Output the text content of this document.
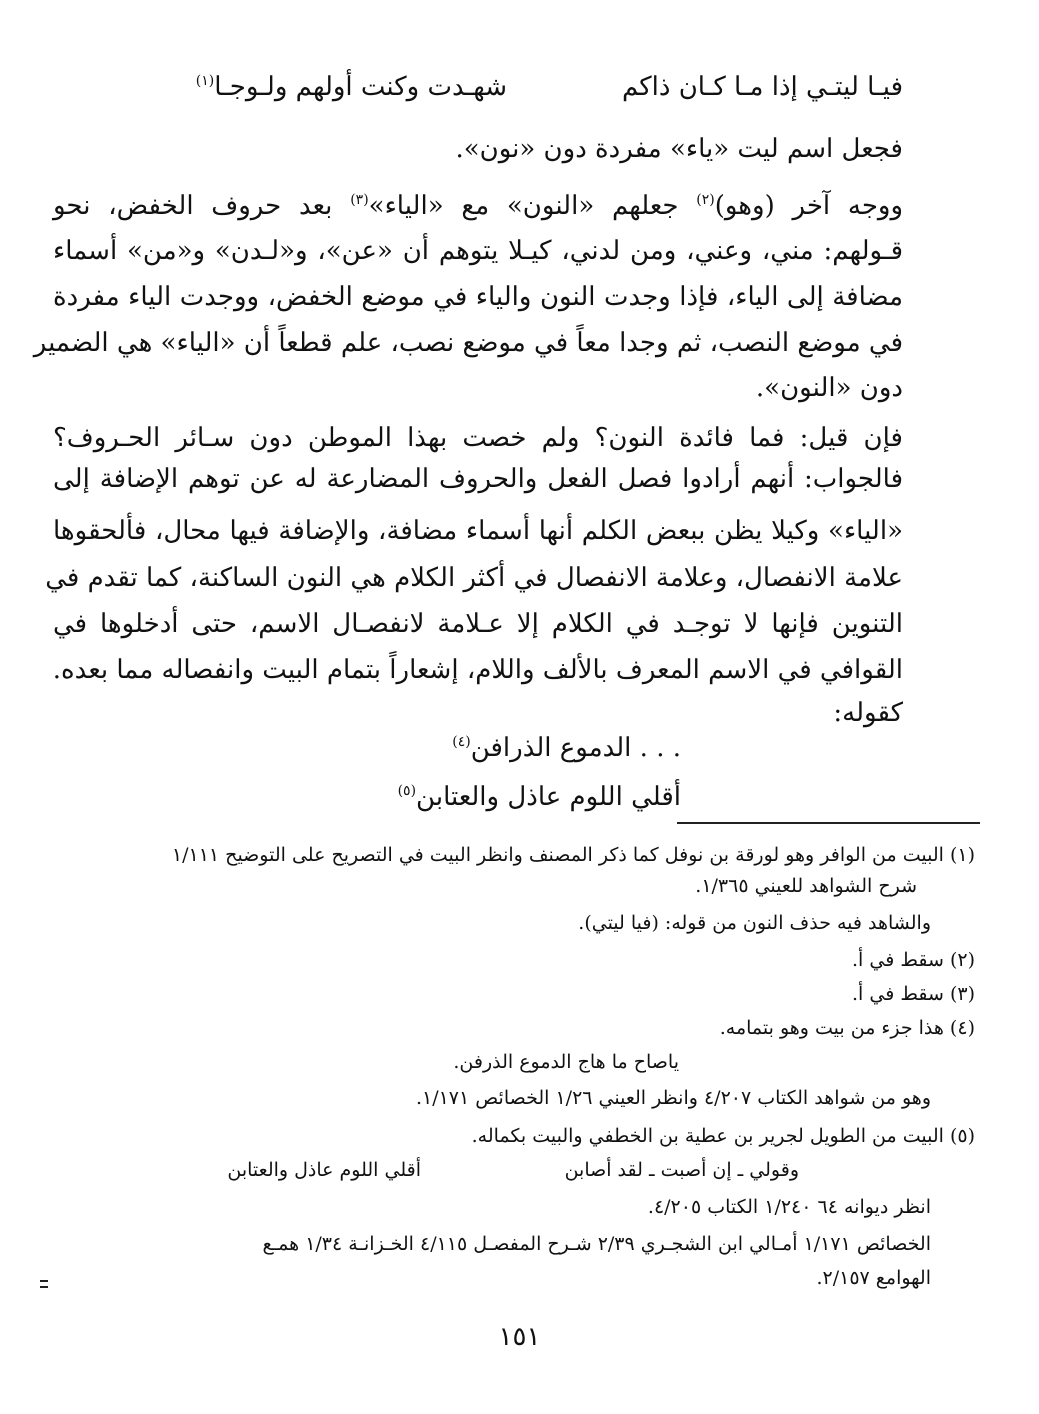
فيـا ليتـي إذا مـا كـان ذاكم
شهـدت وكنت أولهم ولـوجـا$^{(١)}$
فجعل اسم ليت «ياء» مفردة دون «نون».
ووجه آخر (وهو)$^{(٢)}$ جعلهم «النون» مع «الياء»$^{(٣)}$ بعد حروف الخفض، نحو
قـولهم: مني، وعني، ومن لدني، كيـلا يتوهم أن «عن»، و«لـدن» و«من» أسماء
مضافة إلى الياء، فإذا وجدت النون والياء في موضع الخفض، ووجدت الياء مفردة
في موضع النصب، ثم وجدا معاً في موضع نصب، علم قطعاً أن «الياء» هي الضمير
دون «النون».
فإن قيل: فما فائدة النون؟ ولم خصت بهذا الموطن دون سـائر الحـروف؟
فالجواب: أنهم أرادوا فصل الفعل والحروف المضارعة له عن توهم الإضافة إلى
«الياء» وكيلا يظن ببعض الكلم أنها أسماء مضافة، والإضافة فيها محال، فألحقوها
علامة الانفصال، وعلامة الانفصال في أكثر الكلام هي النون الساكنة، كما تقدم في
التنوين فإنها لا توجـد في الكلام إلا عـلامة لانفصـال الاسم، حتى أدخلوها في
القوافي في الاسم المعرف بالألف واللام، إشعاراً بتمام البيت وانفصاله مما بعده.
كقوله:
. . . الدموع الذرافن$^{(٤)}$
أقلي اللوم عاذل والعتابن$^{(٥)}$
(١) البيت من الوافر وهو لورقة بن نوفل كما ذكر المصنف وانظر البيت في التصريح على التوضيح ١/١١١
شرح الشواهد للعيني ١/٣٦٥.
والشاهد فيه حذف النون من قوله: (فيا ليتي).
(٢) سقط في أ.
(٣) سقط في أ.
(٤) هذا جزء من بيت وهو بتمامه.
ياصاح ما هاج الدموع الذرفن.
وهو من شواهد الكتاب ٤/٢٠٧ وانظر العيني ١/٢٦ الخصائص ١/١٧١.
(٥) البيت من الطويل لجرير بن عطية بن الخطفي والبيت بكماله.
أقلي اللوم عاذل والعتابن	وقولي ـ إن أصبت ـ لقد أصابن
انظر ديوانه ٦٤ ١/٢٤٠ الكتاب ٤/٢٠٥.
الخصائص ١/١٧١ أمـالي ابن الشجـري ٢/٣٩ شـرح المفصـل ٤/١١٥ الخـزانـة ١/٣٤ همـع
الهوامع ٢/١٥٧.
١٥١
